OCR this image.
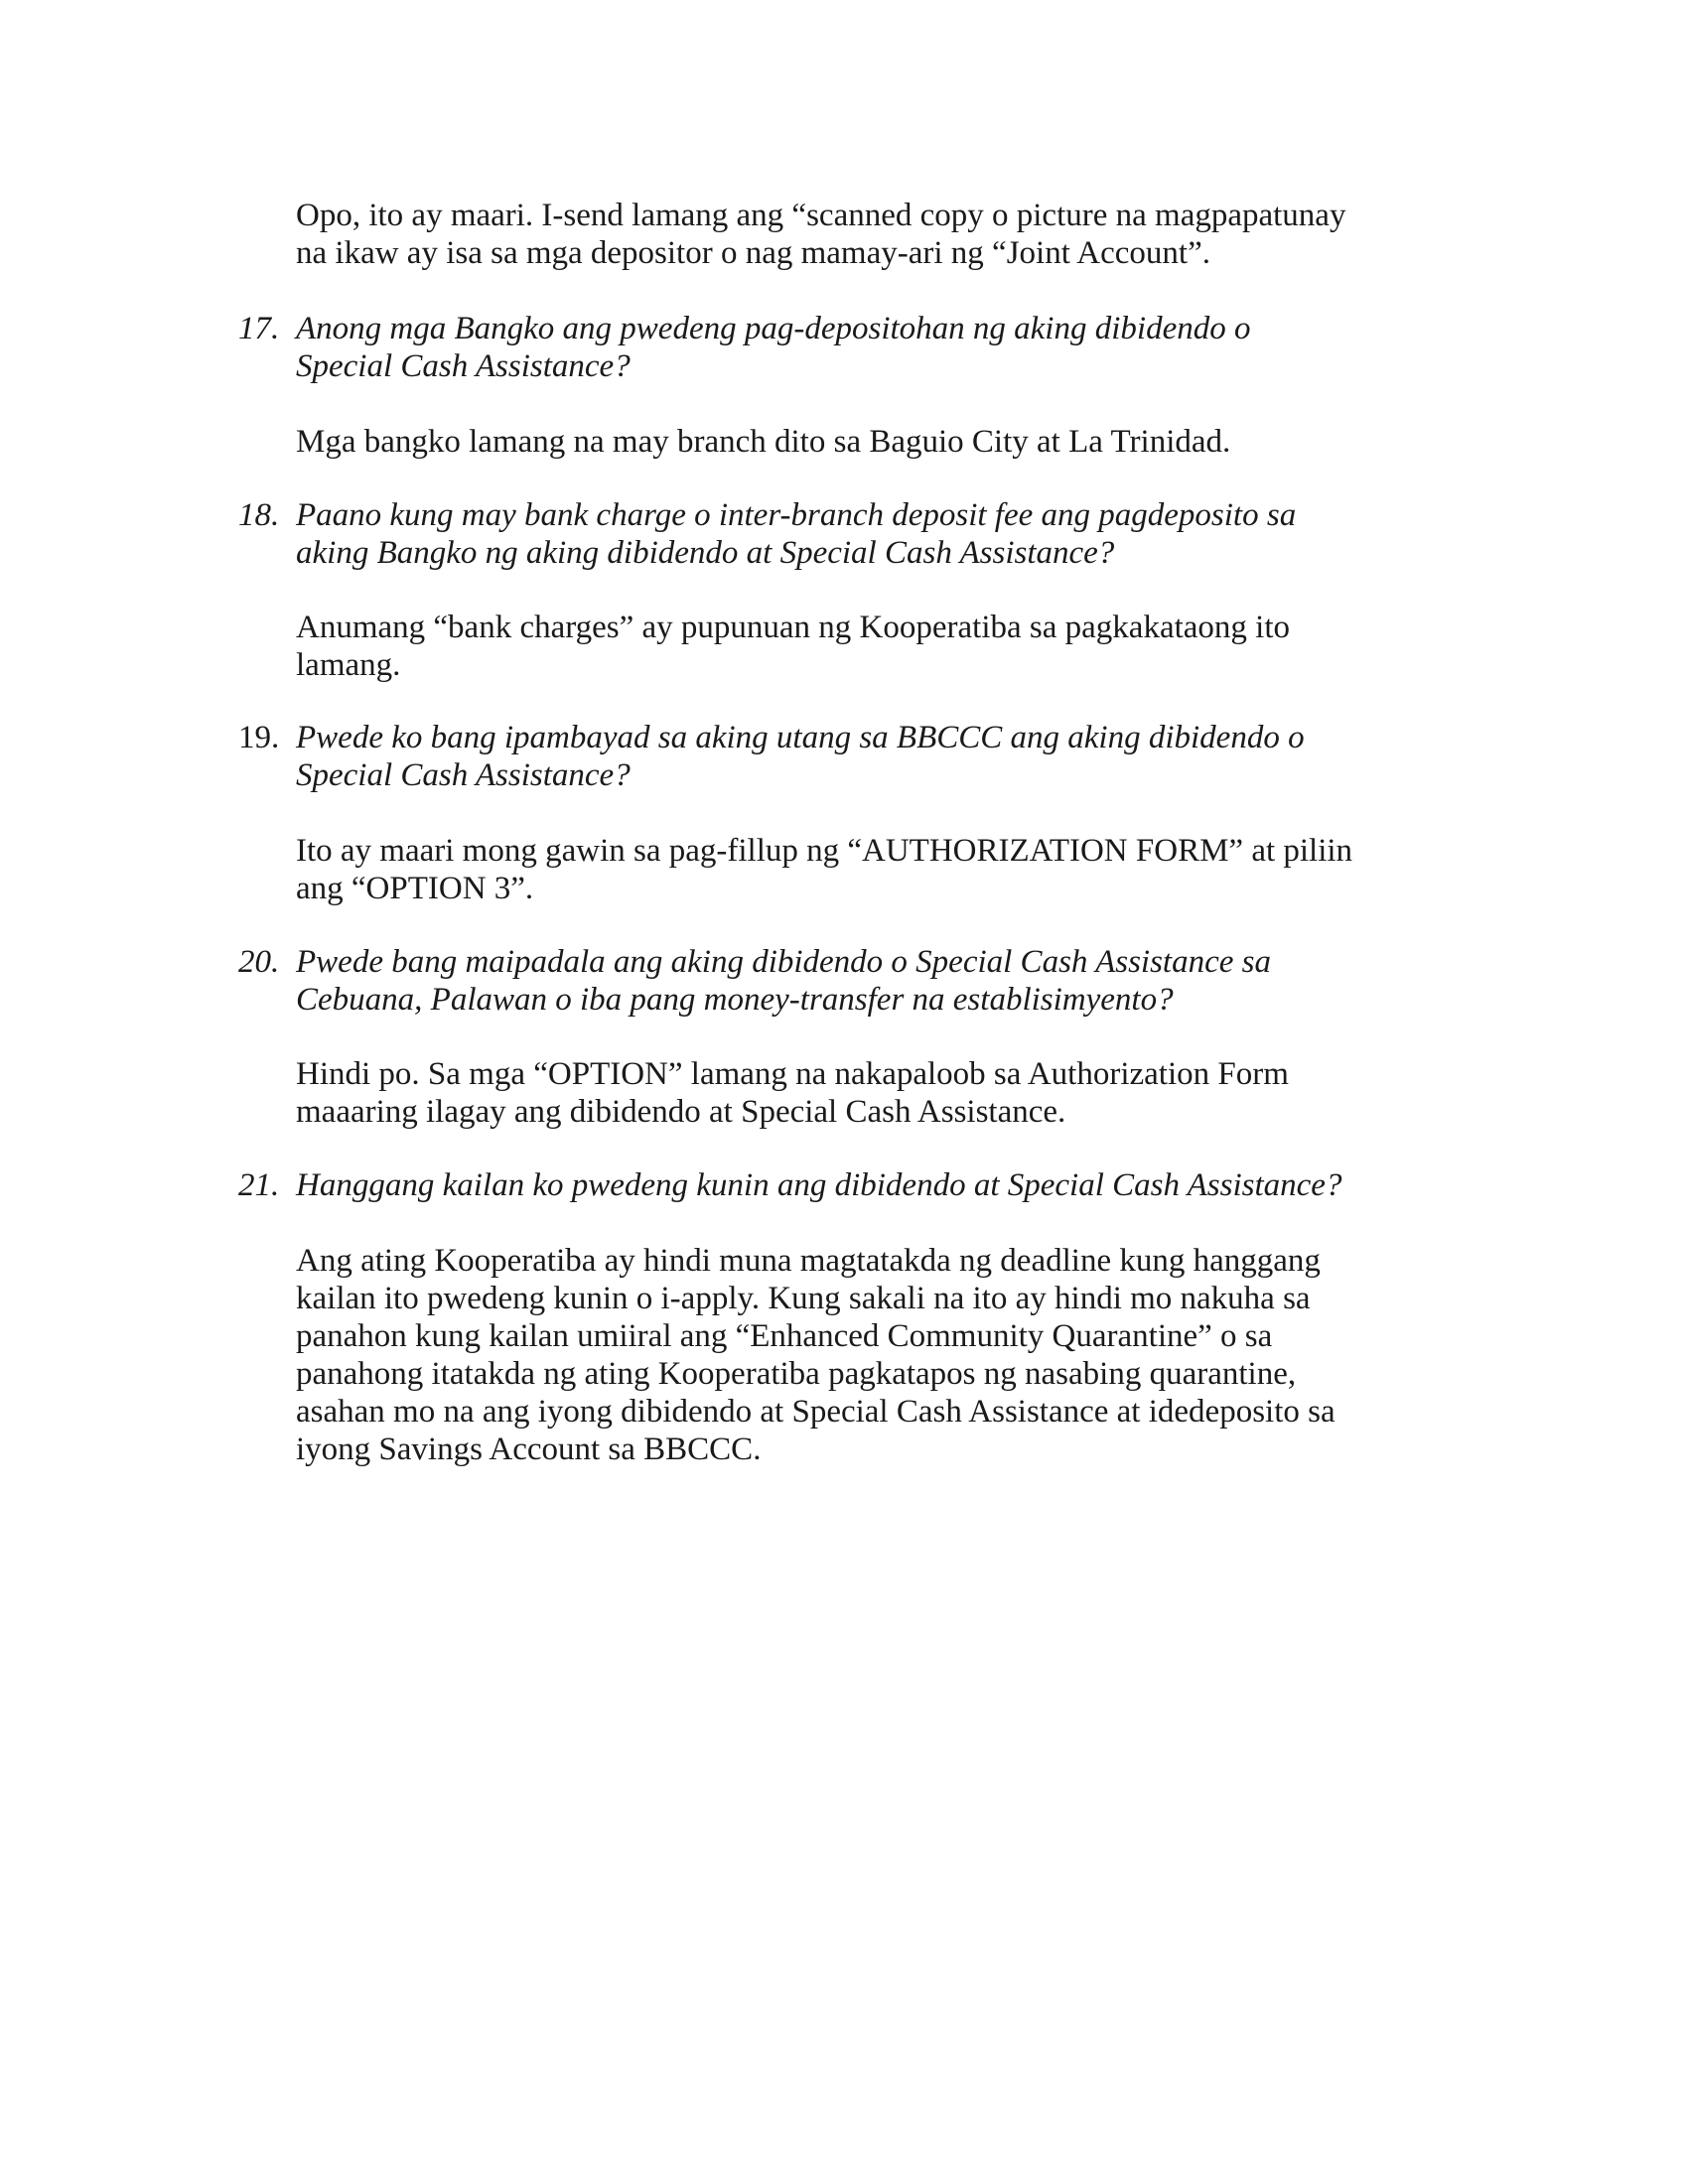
Opo, ito ay maari. I-send lamang ang “scanned copy o picture na magpapatunay
na ikaw ay isa sa mga depositor o nag mamay-ari ng “Joint Account”.
17. Anong mga Bangko ang pwedeng pag-depositohan ng aking dibidendo o
Special Cash Assistance?
Mga bangko lamang na may branch dito sa Baguio City at La Trinidad.
18. Paano kung may bank charge o inter-branch deposit fee ang pagdeposito sa
aking Bangko ng aking dibidendo at Special Cash Assistance?
Anumang “bank charges” ay pupunuan ng Kooperatiba sa pagkakataong ito
lamang.
19. Pwede ko bang ipambayad sa aking utang sa BBCCC ang aking dibidendo o
Special Cash Assistance?
Ito ay maari mong gawin sa pag-fillup ng “AUTHORIZATION FORM” at piliin
ang “OPTION 3”.
20. Pwede bang maipadala ang aking dibidendo o Special Cash Assistance sa
Cebuana, Palawan o iba pang money-transfer na establisimyento?
Hindi po. Sa mga “OPTION” lamang na nakapaloob sa Authorization Form
maaaring ilagay ang dibidendo at Special Cash Assistance.
21. Hanggang kailan ko pwedeng kunin ang dibidendo at Special Cash Assistance?
Ang ating Kooperatiba ay hindi muna magtatakda ng deadline kung hanggang
kailan ito pwedeng kunin o i-apply. Kung sakali na ito ay hindi mo nakuha sa
panahon kung kailan umiiral ang “Enhanced Community Quarantine” o sa
panahong itatakda ng ating Kooperatiba pagkatapos ng nasabing quarantine,
asahan mo na ang iyong dibidendo at Special Cash Assistance at idedeposito sa
iyong Savings Account sa BBCCC.
